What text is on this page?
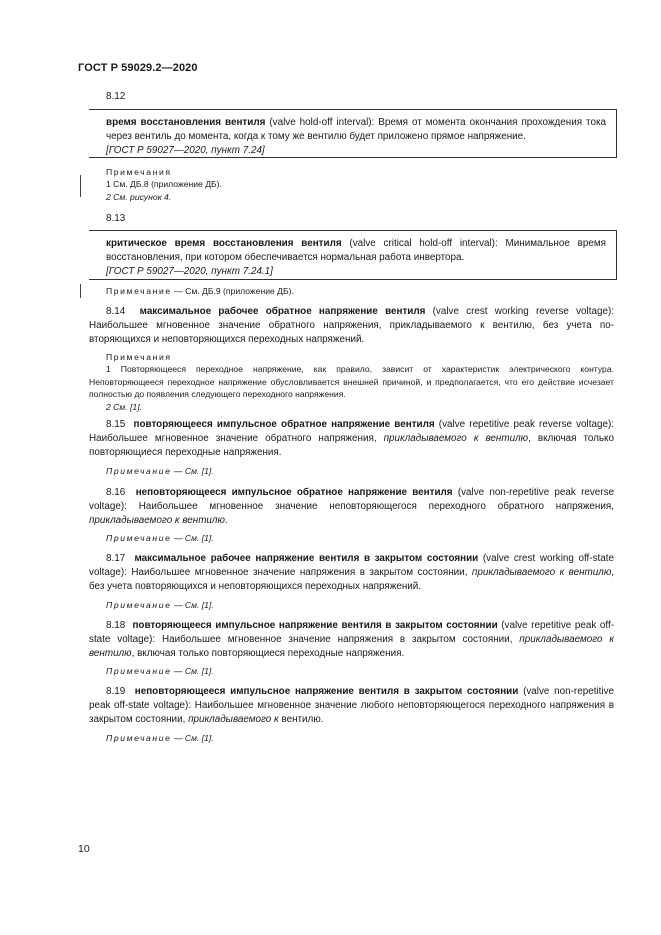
ГОСТ Р 59029.2—2020
8.12

время восстановления вентиля (valve hold-off interval): Время от момента окончания прохождения тока через вентиль до момента, когда к тому же вентилю будет приложено прямое напряжение.

[ГОСТ Р 59027—2020, пункт 7.24]

Примечания
1 См. ДБ.8 (приложение ДБ).
2 См. рисунок 4.
8.13

критическое время восстановления вентиля (valve critical hold-off interval): Минимальное время восстановления, при котором обеспечивается нормальная работа инвертора.

[ГОСТ Р 59027—2020, пункт 7.24.1]

Примечание — См. ДБ.9 (приложение ДБ).

8.14 максимальное рабочее обратное напряжение вентиля (valve crest working reverse voltage): Наибольшее мгновенное значение обратного напряжения, прикладываемого к вентилю, без учета повторяющихся и неповторяющихся переходных напряжений.

Примечания

1 Повторяющееся переходное напряжение, как правило, зависит от характеристик электрического контура. Неповторяющееся переходное напряжение обусловливается внешней причиной, и предполагается, что его действие исчезает полностью до появления следующего переходного напряжения.

2 См. [1].

8.15 повторяющееся импульсное обратное напряжение вентиля (valve repetitive peak reverse voltage): Наибольшее мгновенное значение обратного напряжения, прикладываемого к вентилю, включая только повторяющиеся переходные напряжения.

Примечание — См. [1].

8.16 неповторяющееся импульсное обратное напряжение вентиля (valve non-repetitive peak reverse voltage): Наибольшее мгновенное значение неповторяющегося переходного обратного напряжения, прикладываемого к вентилю.

Примечание — См. [1].

8.17 максимальное рабочее напряжение вентиля в закрытом состоянии (valve crest working off-state voltage): Наибольшее мгновенное значение напряжения в закрытом состоянии, прикладываемого к вентилю, без учета повторяющихся и неповторяющихся переходных напряжений.

Примечание — См. [1].

8.18 повторяющееся импульсное напряжение вентиля в закрытом состоянии (valve repetitive peak off-state voltage): Наибольшее мгновенное значение напряжения в закрытом состоянии, прикладываемого к вентилю, включая только повторяющиеся переходные напряжения.

Примечание — См. [1].

8.19 неповторяющееся импульсное напряжение вентиля в закрытом состоянии (valve non-repetitive peak off-state voltage): Наибольшее мгновенное значение любого неповторяющегося переходного напряжения в закрытом состоянии, прикладываемого к вентилю.

Примечание — См. [1].
10
